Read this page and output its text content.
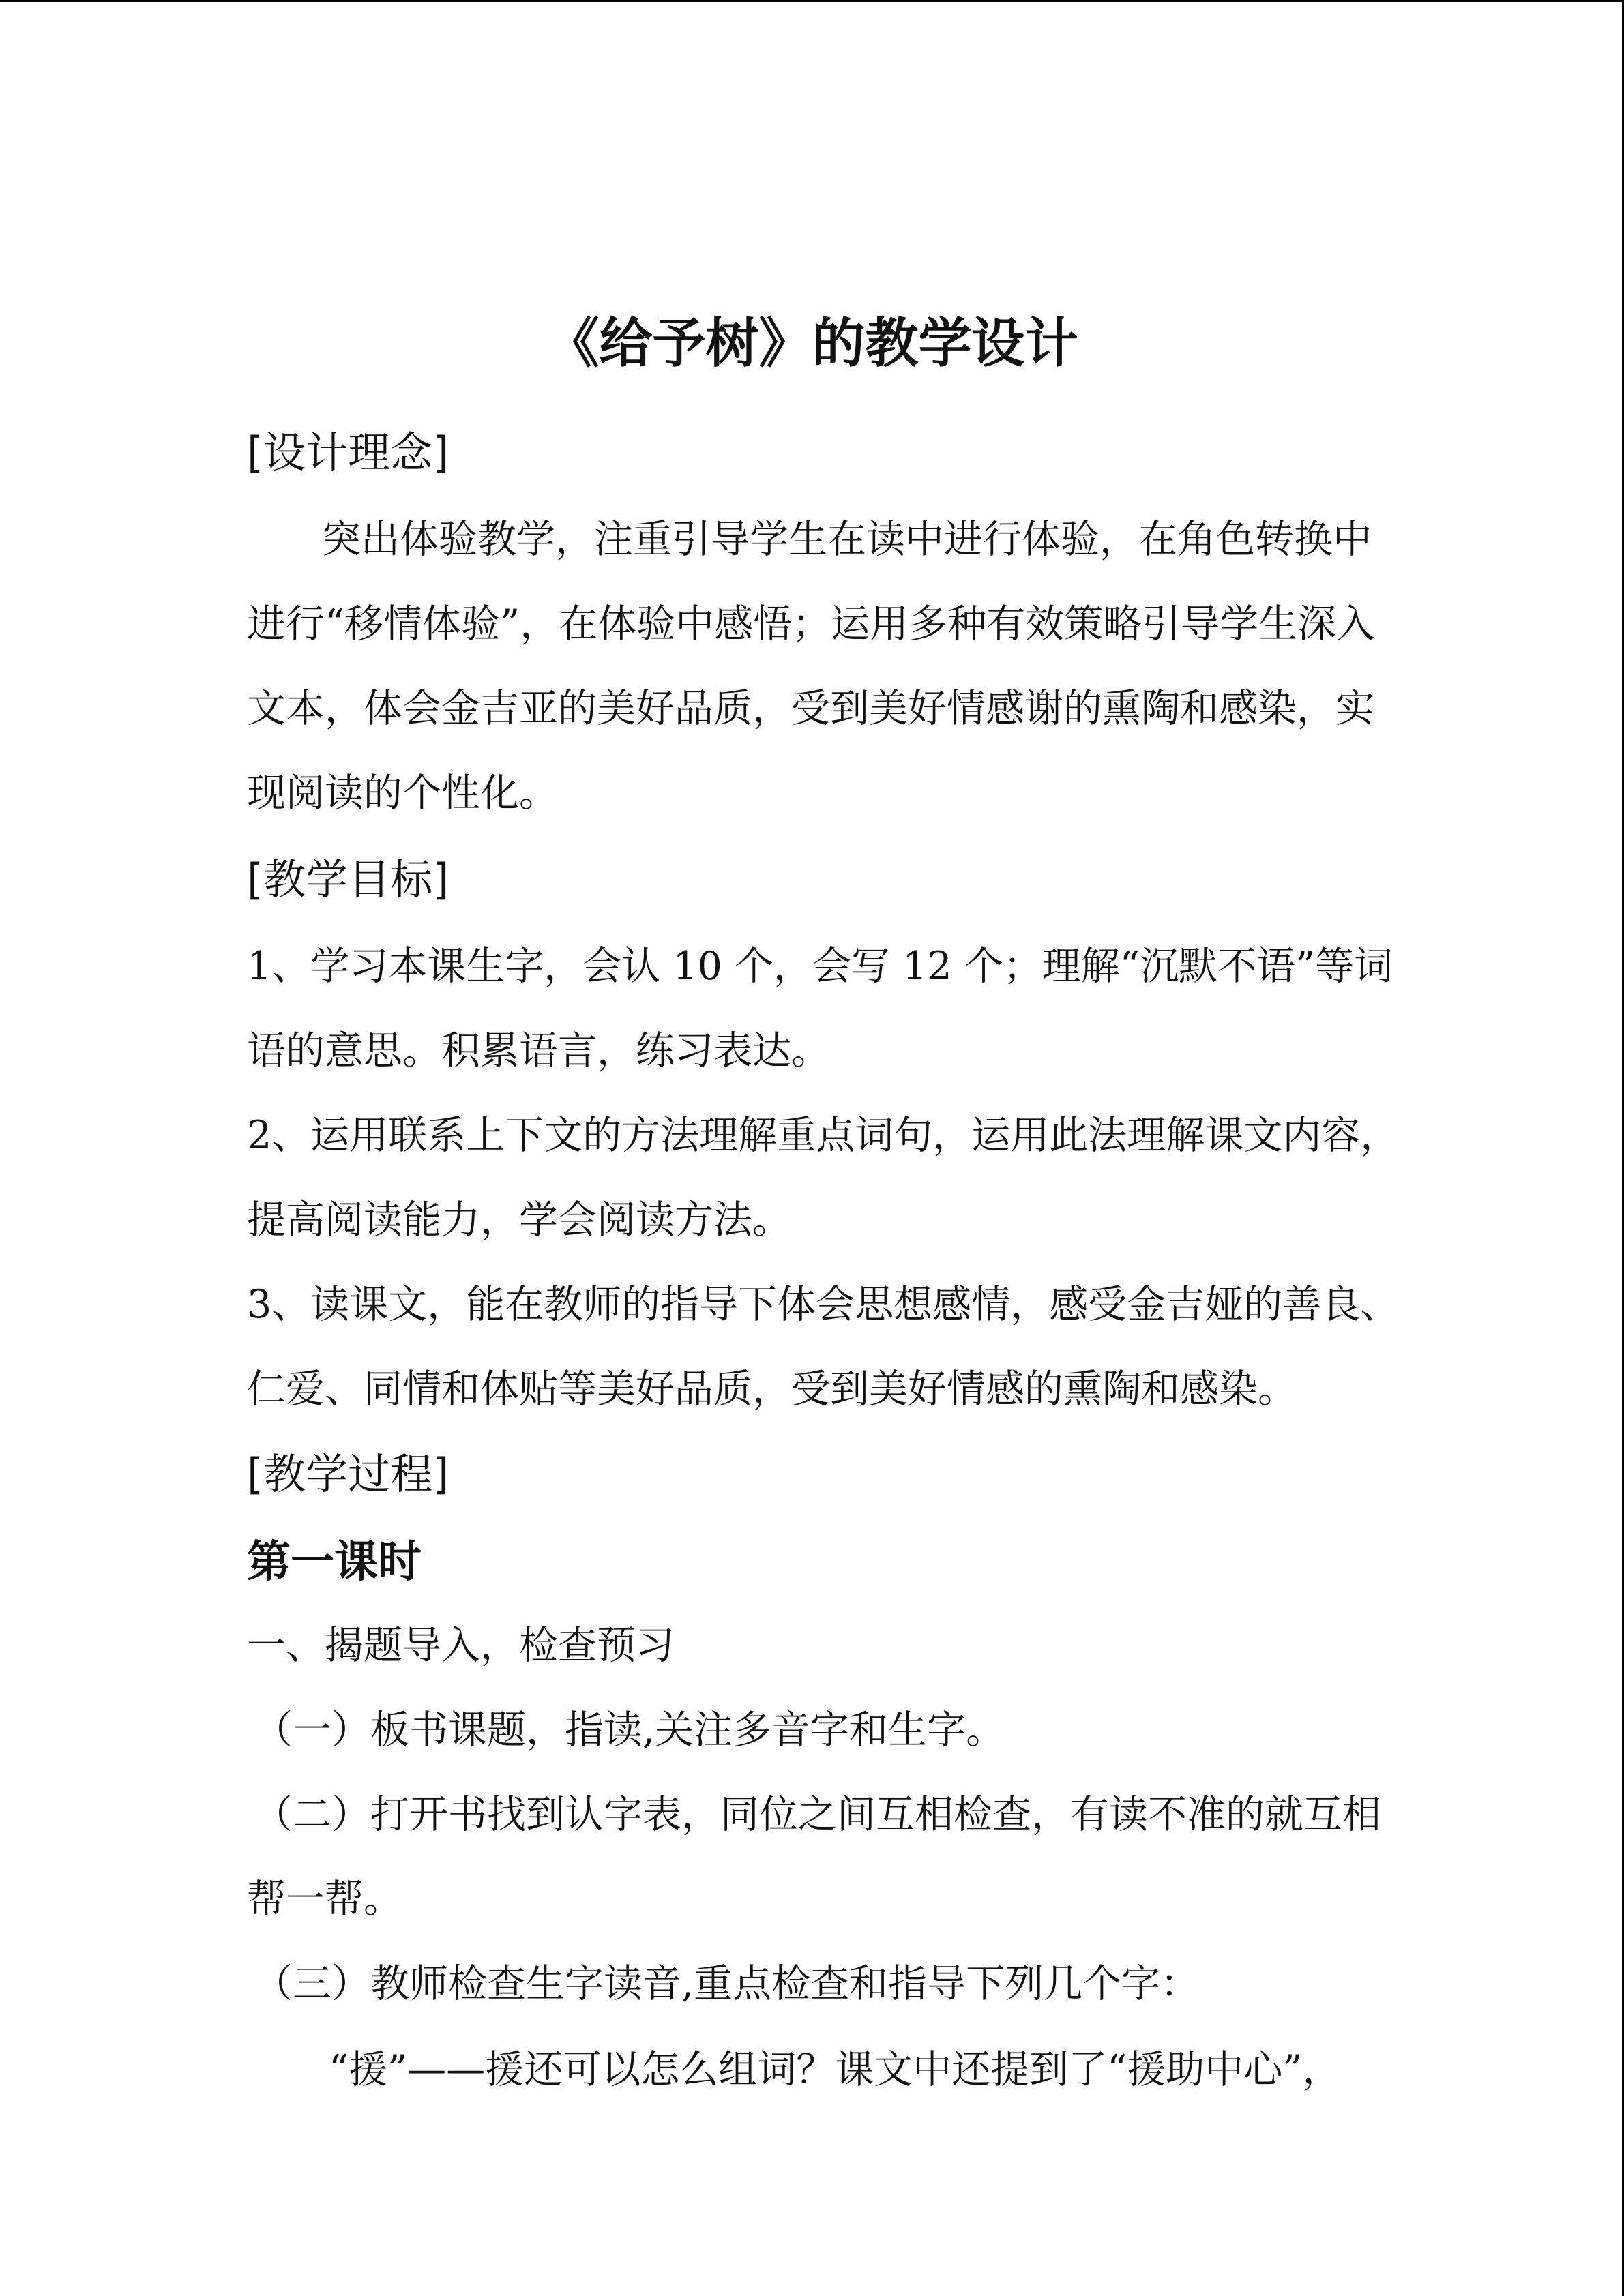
《给予树》的教学设计
[设计理念]
突出体验教学，注重引导学生在读中进行体验，在角色转换中
进行“移情体验”，在体验中感悟；运用多种有效策略引导学生深入
文本，体会金吉亚的美好品质，受到美好情感谢的熏陶和感染，实
现阅读的个性化。
[教学目标]
1、学习本课生字，会认 10 个，会写 12 个；理解“沉默不语”等词
语的意思。积累语言，练习表达。
2、运用联系上下文的方法理解重点词句，运用此法理解课文内容，
提高阅读能力，学会阅读方法。
3、读课文，能在教师的指导下体会思想感情，感受金吉娅的善良、
仁爱、同情和体贴等美好品质，受到美好情感的熏陶和感染。
[教学过程]
第一课时
一、揭题导入，检查预习
（一）板书课题，指读,关注多音字和生字。
（二）打开书找到认字表，同位之间互相检查，有读不准的就互相
帮一帮。
（三）教师检查生字读音,重点检查和指导下列几个字：
“援”——援还可以怎么组词？课文中还提到了“援助中心”，
